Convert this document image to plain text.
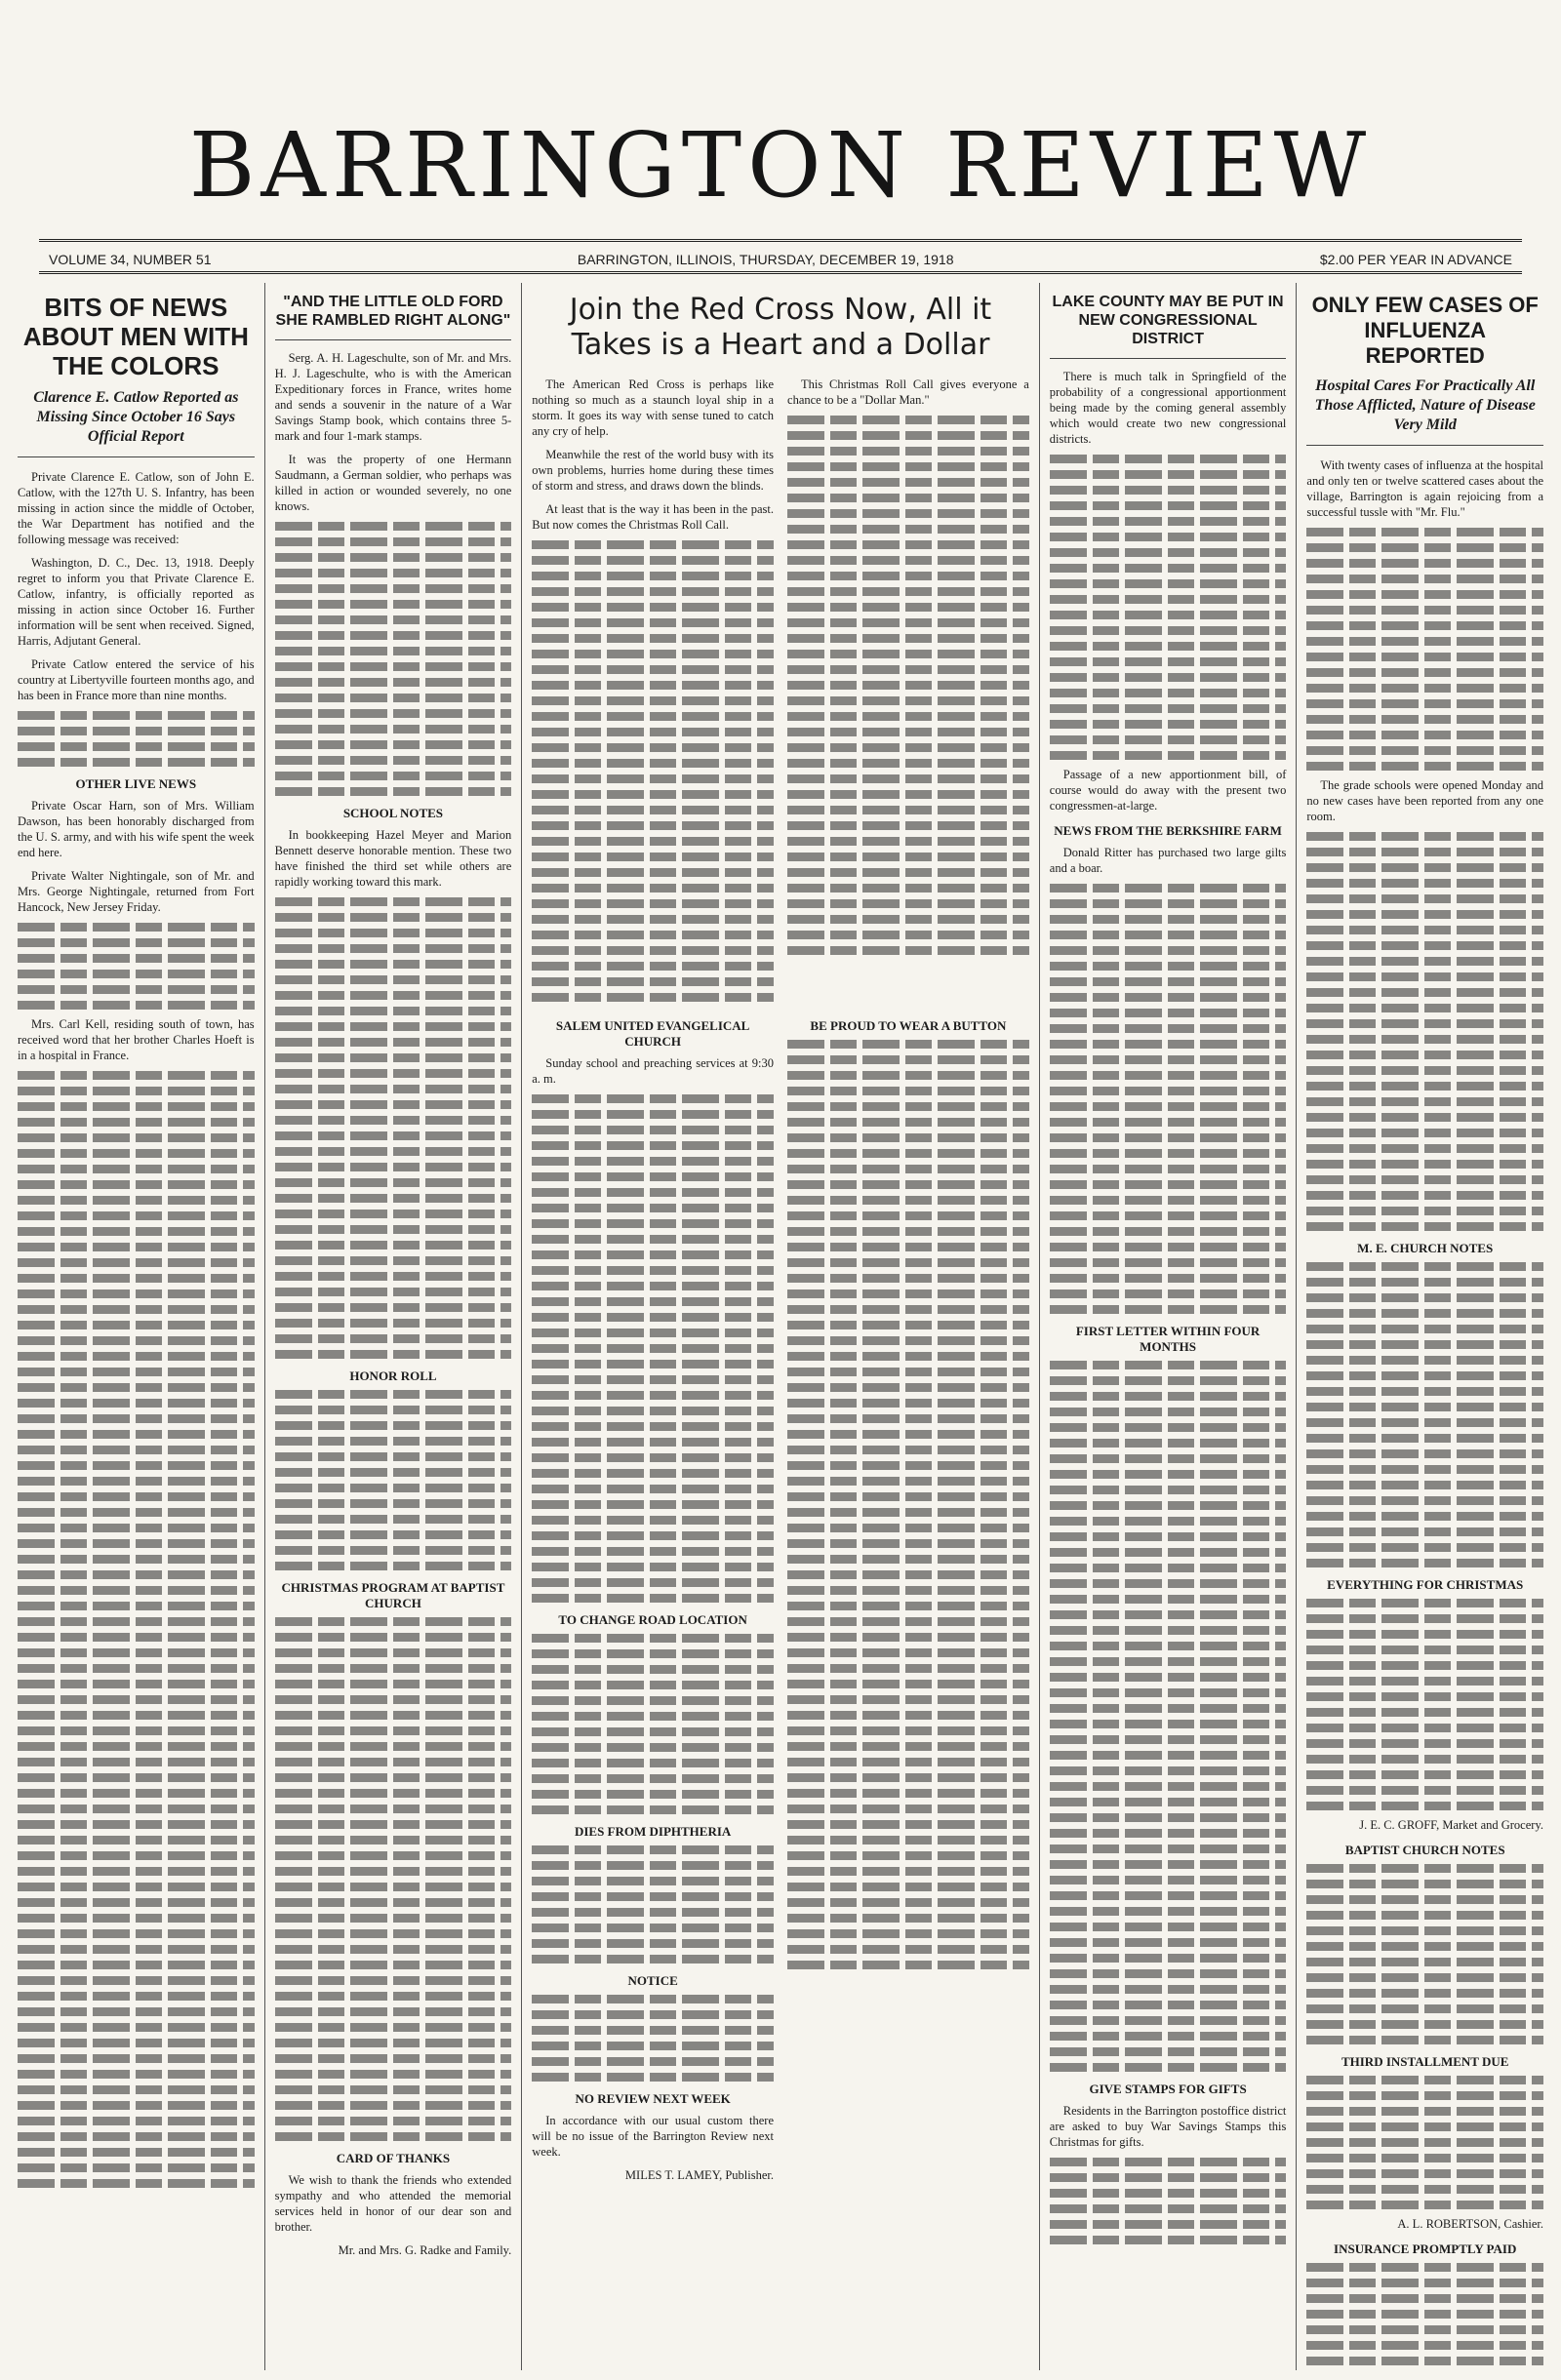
BARRINGTON REVIEW
VOLUME 34, NUMBER 51	BARRINGTON, ILLINOIS, THURSDAY, DECEMBER 19, 1918	$2.00 PER YEAR IN ADVANCE
BITS OF NEWS ABOUT MEN WITH THE COLORS
Clarence E. Catlow Reported as Missing Since October 16 Says Official Report

Private Clarence E. Catlow, son of John E. Catlow, with the 127th U. S. Infantry, has been missing in action since the middle of October, the War Department has notified and the following message was received:

Washington, D. C., Dec. 13, 1918. Deeply regret to inform you that Private Clarence E. Catlow, infantry, is officially reported as missing in action since October 16. Further information will be sent when received. Signed, Harris, Adjutant General.

Private Catlow entered the service of his country at Libertyville fourteen months ago, and has been in France more than nine months.

OTHER LIVE NEWS

Private Oscar Harn, son of Mrs. William Dawson, has been honorably discharged from the U. S. army, and with his wife spent the week end here.

Private Walter Nightingale, son of Mr. and Mrs. George Nightingale, returned from Fort Hancock, New Jersey Friday.

Mrs. Carl Kell, residing south of town, has received word that her brother Charles Hoeft is in a hospital in France.

"AND THE LITTLE OLD FORD SHE RAMBLED RIGHT ALONG"

Serg. A. H. Lageschulte, son of Mr. and Mrs. H. J. Lageschulte, who is with the American Expeditionary forces in France, writes home and sends a souvenir in the nature of a War Savings Stamp book, which contains three 5-mark and four 1-mark stamps.

It was the property of one Hermann Saudmann, a German soldier, who perhaps was killed in action or wounded severely, no one knows.

SCHOOL NOTES

In bookkeeping Hazel Meyer and Marion Bennett deserve honorable mention. These two have finished the third set while others are rapidly working toward this mark.

HONOR ROLL
CHRISTMAS PROGRAM AT BAPTIST CHURCH
CARD OF THANKS

We wish to thank the friends who extended sympathy and who attended the memorial services held in honor of our dear son and brother.

Mr. and Mrs. G. Radke and Family.

Join the Red Cross Now, All it Takes is a Heart and a Dollar

The American Red Cross is perhaps like nothing so much as a staunch loyal ship in a storm. It goes its way with sense tuned to catch any cry of help.

Meanwhile the rest of the world busy with its own problems, hurries home during these times of storm and stress, and draws down the blinds.

At least that is the way it has been in the past. But now comes the Christmas Roll Call.

This Christmas Roll Call gives everyone a chance to be a "Dollar Man."

SALEM UNITED EVANGELICAL CHURCH

Sunday school and preaching services at 9:30 a. m.

TO CHANGE ROAD LOCATION
DIES FROM DIPHTHERIA
NOTICE
NO REVIEW NEXT WEEK

In accordance with our usual custom there will be no issue of the Barrington Review next week.

MILES T. LAMEY, Publisher.

BE PROUD TO WEAR A BUTTON
LAKE COUNTY MAY BE PUT IN NEW CONGRESSIONAL DISTRICT

There is much talk in Springfield of the probability of a congressional apportionment being made by the coming general assembly which would create two new congressional districts.

Passage of a new apportionment bill, of course would do away with the present two congressmen-at-large.

NEWS FROM THE BERKSHIRE FARM

Donald Ritter has purchased two large gilts and a boar.

FIRST LETTER WITHIN FOUR MONTHS
GIVE STAMPS FOR GIFTS

Residents in the Barrington postoffice district are asked to buy War Savings Stamps this Christmas for gifts.

ONLY FEW CASES OF INFLUENZA REPORTED
Hospital Cares For Practically All Those Afflicted, Nature of Disease Very Mild

With twenty cases of influenza at the hospital and only ten or twelve scattered cases about the village, Barrington is again rejoicing from a successful tussle with "Mr. Flu."

The grade schools were opened Monday and no new cases have been reported from any one room.

M. E. CHURCH NOTES
EVERYTHING FOR CHRISTMAS

J. E. C. GROFF, Market and Grocery.

BAPTIST CHURCH NOTES
THIRD INSTALLMENT DUE

A. L. ROBERTSON, Cashier.

INSURANCE PROMPTLY PAID
